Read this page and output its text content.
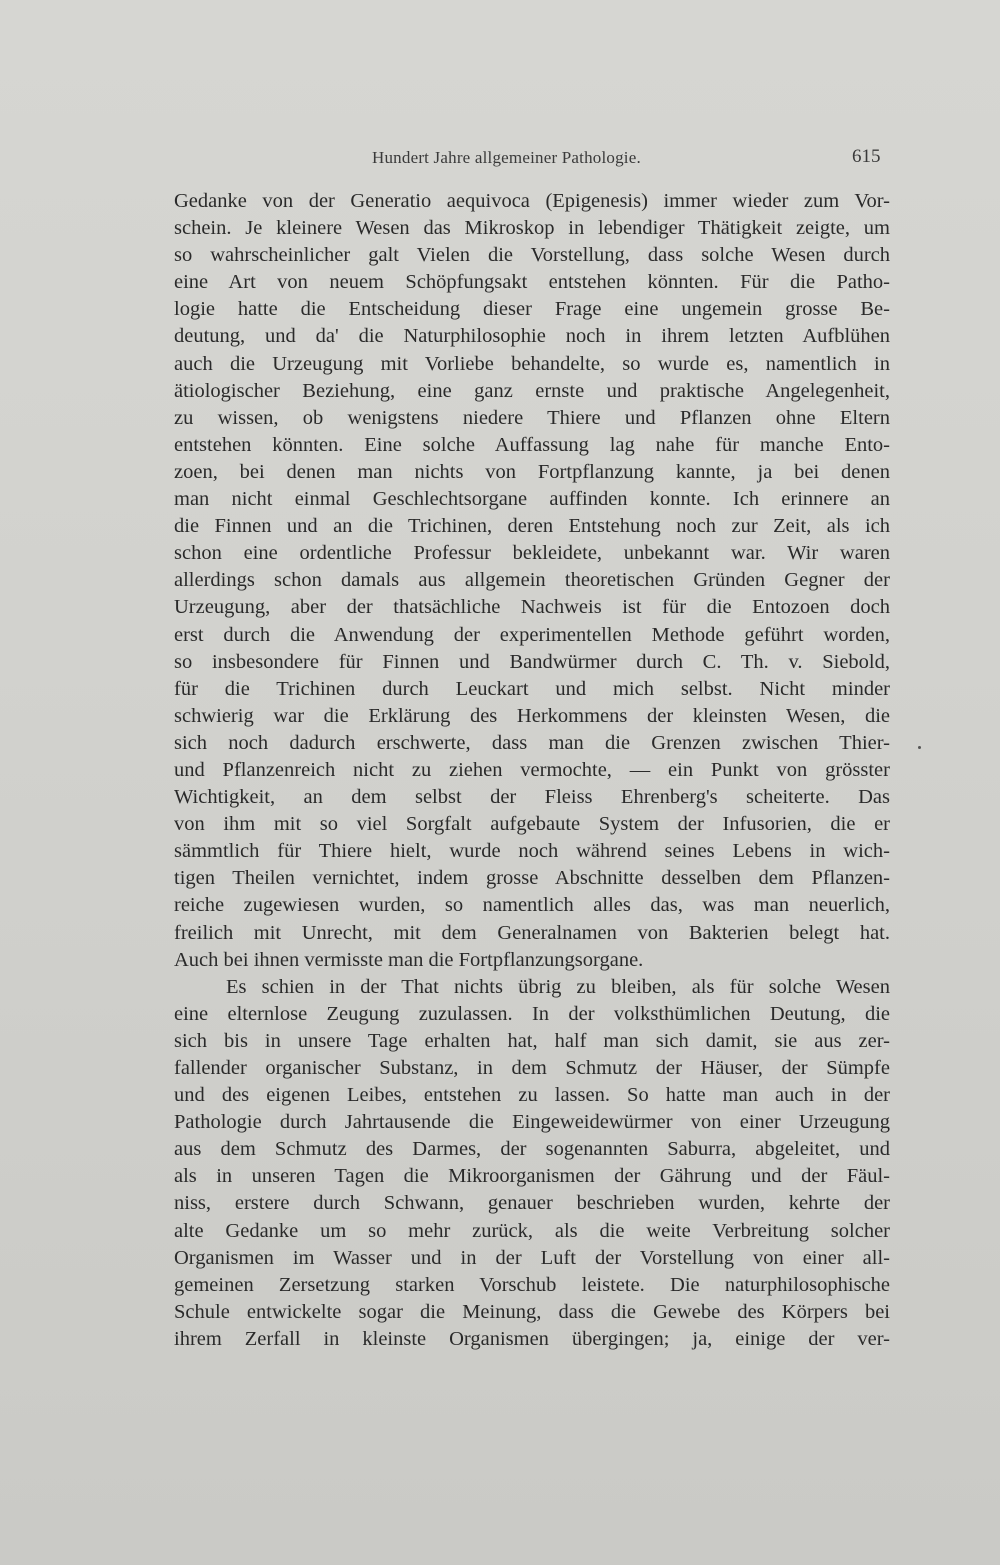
Hundert Jahre allgemeiner Pathologie.	615
Gedanke von der Generatio aequivoca (Epigenesis) immer wieder zum Vor-
schein. Je kleinere Wesen das Mikroskop in lebendiger Thätigkeit zeigte, um
so wahrscheinlicher galt Vielen die Vorstellung, dass solche Wesen durch
eine Art von neuem Schöpfungsakt entstehen könnten. Für die Patho-
logie hatte die Entscheidung dieser Frage eine ungemein grosse Be-
deutung, und da' die Naturphilosophie noch in ihrem letzten Aufblühen
auch die Urzeugung mit Vorliebe behandelte, so wurde es, namentlich in
ätiologischer Beziehung, eine ganz ernste und praktische Angelegenheit,
zu wissen, ob wenigstens niedere Thiere und Pflanzen ohne Eltern
entstehen könnten. Eine solche Auffassung lag nahe für manche Ento-
zoen, bei denen man nichts von Fortpflanzung kannte, ja bei denen
man nicht einmal Geschlechtsorgane auffinden konnte. Ich erinnere an
die Finnen und an die Trichinen, deren Entstehung noch zur Zeit, als ich
schon eine ordentliche Professur bekleidete, unbekannt war. Wir waren
allerdings schon damals aus allgemein theoretischen Gründen Gegner der
Urzeugung, aber der thatsächliche Nachweis ist für die Entozoen doch
erst durch die Anwendung der experimentellen Methode geführt worden,
so insbesondere für Finnen und Bandwürmer durch C. Th. v. Siebold,
für die Trichinen durch Leuckart und mich selbst. Nicht minder
schwierig war die Erklärung des Herkommens der kleinsten Wesen, die
sich noch dadurch erschwerte, dass man die Grenzen zwischen Thier-
und Pflanzenreich nicht zu ziehen vermochte, — ein Punkt von grösster
Wichtigkeit, an dem selbst der Fleiss Ehrenberg's scheiterte. Das
von ihm mit so viel Sorgfalt aufgebaute System der Infusorien, die er
sämmtlich für Thiere hielt, wurde noch während seines Lebens in wich-
tigen Theilen vernichtet, indem grosse Abschnitte desselben dem Pflanzen-
reiche zugewiesen wurden, so namentlich alles das, was man neuerlich,
freilich mit Unrecht, mit dem Generalnamen von Bakterien belegt hat.
Auch bei ihnen vermisste man die Fortpflanzungsorgane.
Es schien in der That nichts übrig zu bleiben, als für solche Wesen
eine elternlose Zeugung zuzulassen. In der volksthümlichen Deutung, die
sich bis in unsere Tage erhalten hat, half man sich damit, sie aus zer-
fallender organischer Substanz, in dem Schmutz der Häuser, der Sümpfe
und des eigenen Leibes, entstehen zu lassen. So hatte man auch in der
Pathologie durch Jahrtausende die Eingeweidewürmer von einer Urzeugung
aus dem Schmutz des Darmes, der sogenannten Saburra, abgeleitet, und
als in unseren Tagen die Mikroorganismen der Gährung und der Fäul-
niss, erstere durch Schwann, genauer beschrieben wurden, kehrte der
alte Gedanke um so mehr zurück, als die weite Verbreitung solcher
Organismen im Wasser und in der Luft der Vorstellung von einer all-
gemeinen Zersetzung starken Vorschub leistete. Die naturphilosophische
Schule entwickelte sogar die Meinung, dass die Gewebe des Körpers bei
ihrem Zerfall in kleinste Organismen übergingen; ja, einige der ver-
